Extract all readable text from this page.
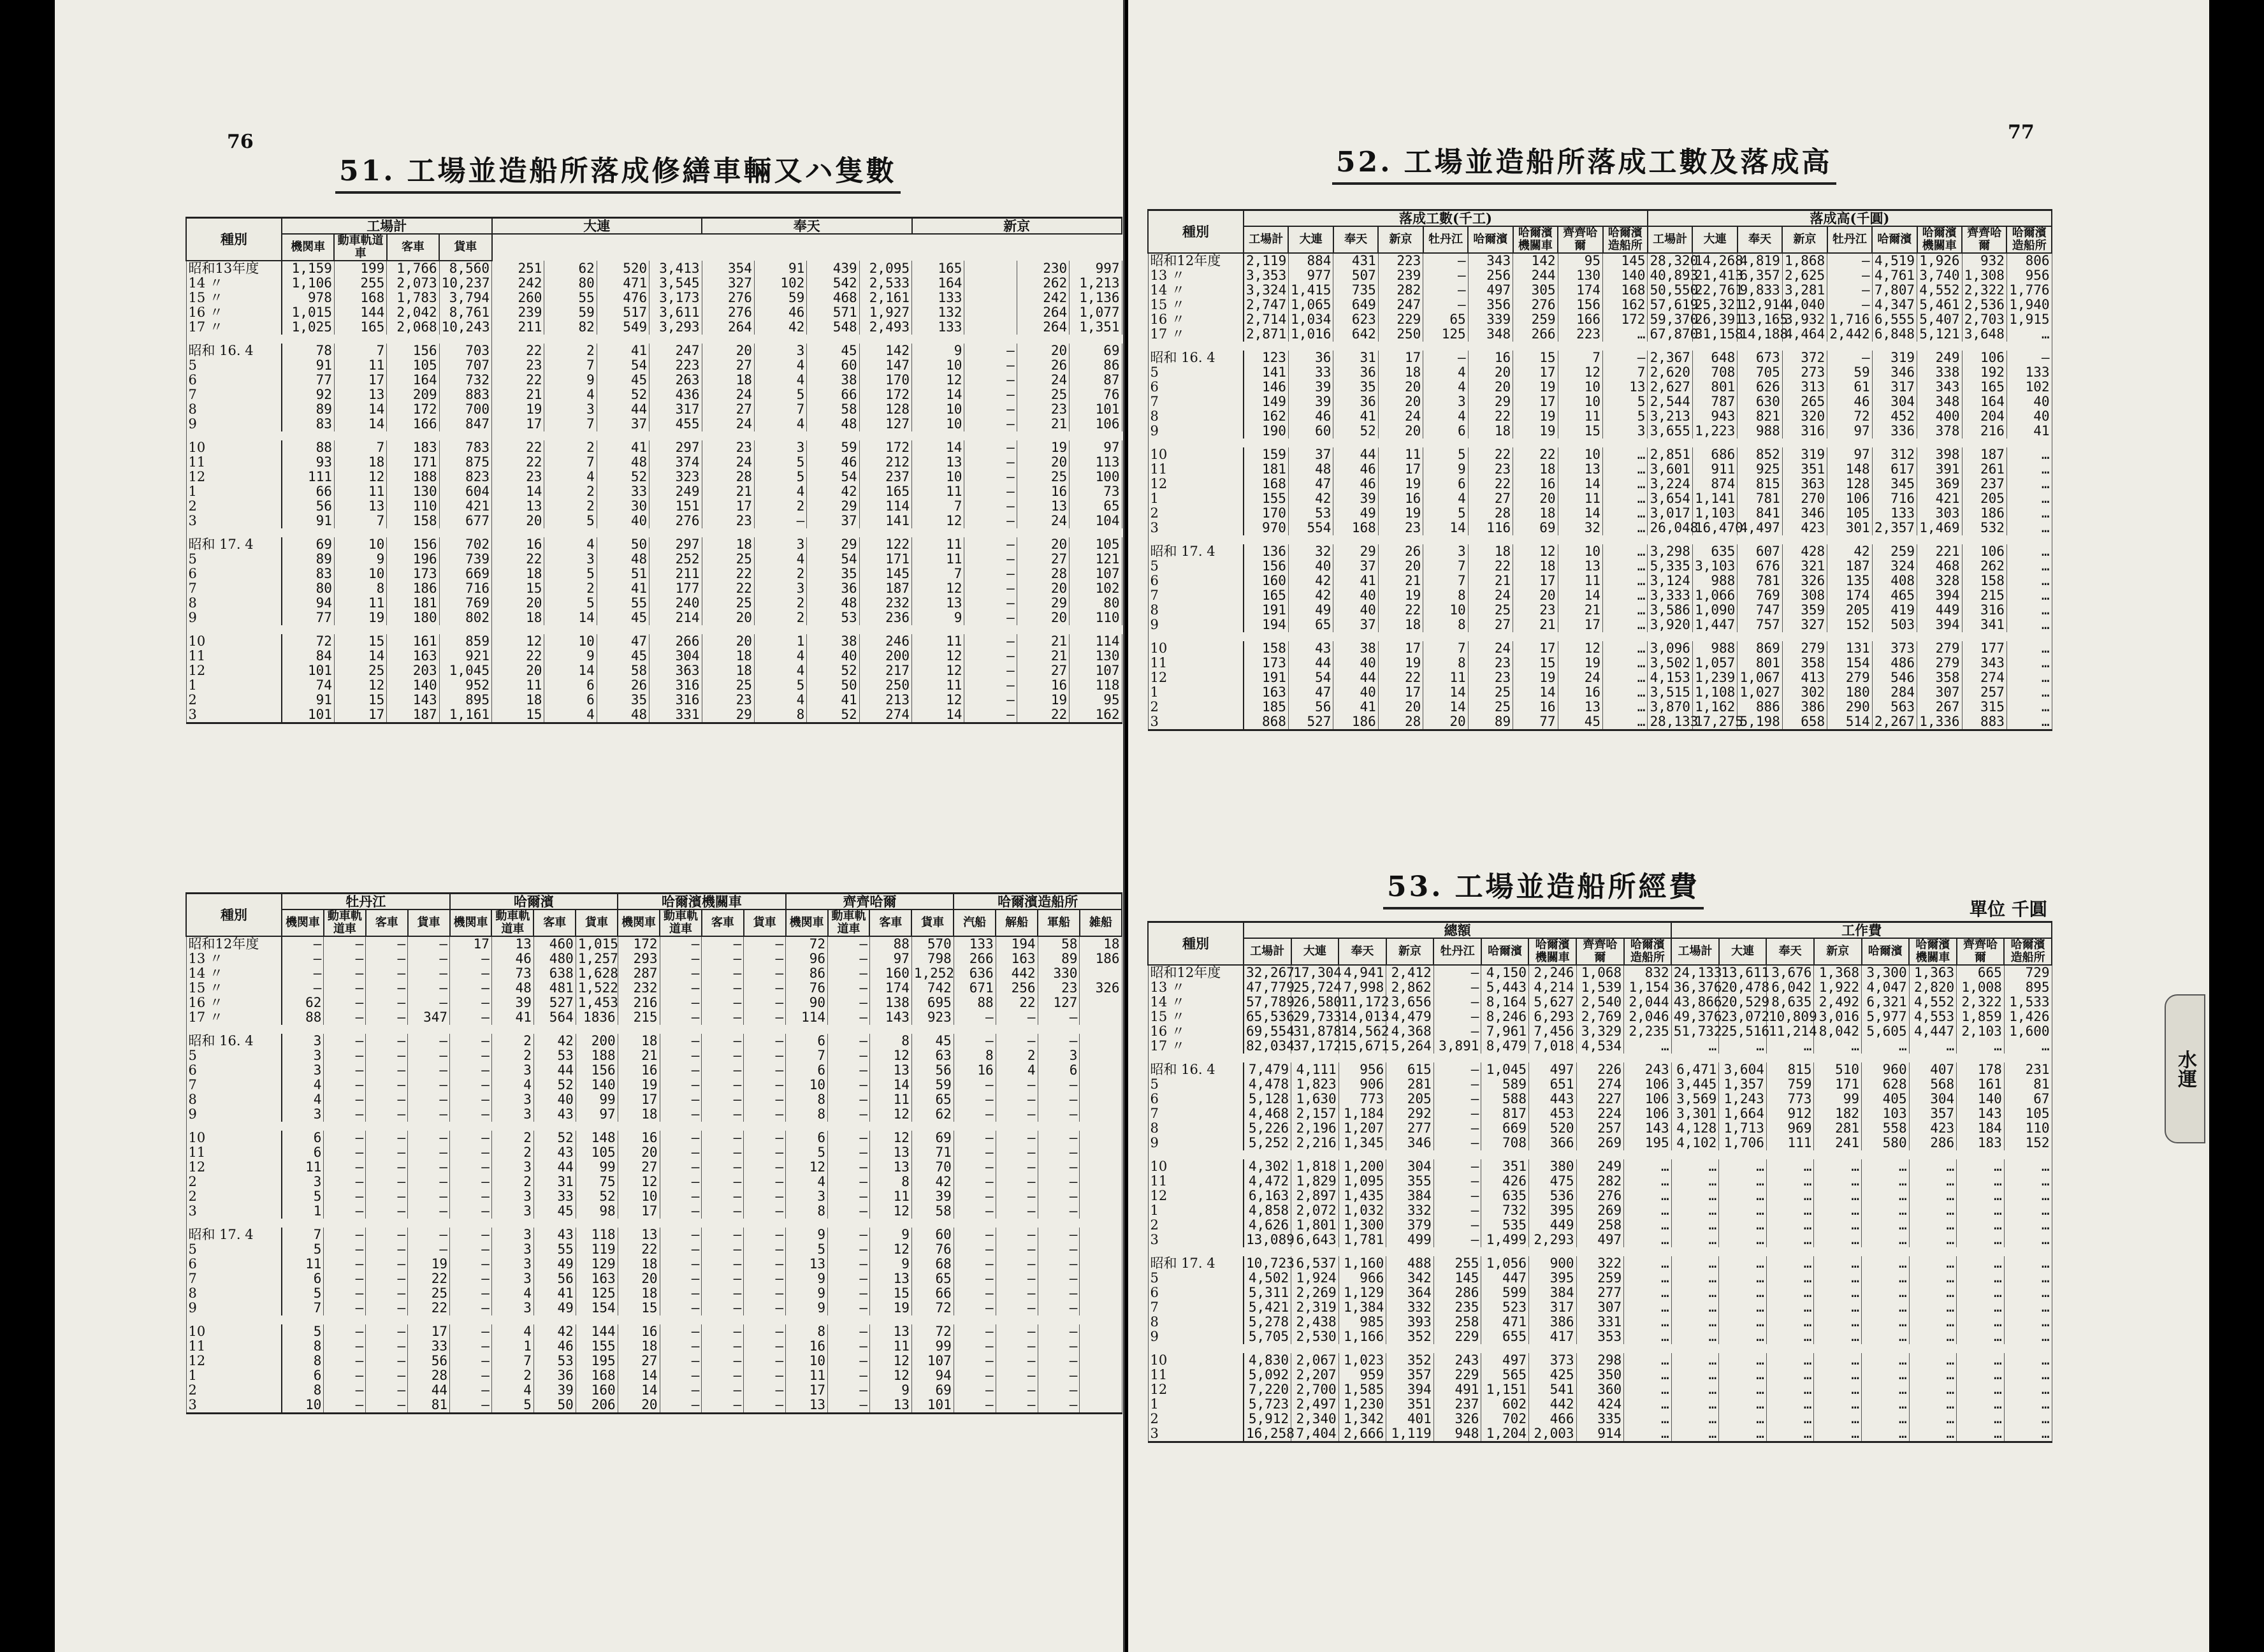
76
51. 工場並造船所落成修繕車輛又ハ隻數
種別	工場計				大連				奉天				新京			
	機関車	動車軌道車	客車	貨車												
昭和13年度	1,159	199	1,766	8,560	251	62	520	3,413	354	91	439	2,095	165		230	997
14 〃	1,106	255	2,073	10,237	242	80	471	3,545	327	102	542	2,533	164		262	1,213
15 〃	978	168	1,783	3,794	260	55	476	3,173	276	59	468	2,161	133		242	1,136
16 〃	1,015	144	2,042	8,761	239	59	517	3,611	276	46	571	1,927	132		264	1,077
17 〃	1,025	165	2,068	10,243	211	82	549	3,293	264	42	548	2,493	133		264	1,351

昭和 16. 4	78	7	156	703	22	2	41	247	20	3	45	142	9	—	20	69
5	91	11	105	707	23	7	54	223	27	4	60	147	10	—	26	86
6	77	17	164	732	22	9	45	263	18	4	38	170	12	—	24	87
7	92	13	209	883	21	4	52	436	24	5	66	172	14	—	25	76
8	89	14	172	700	19	3	44	317	27	7	58	128	10	—	23	101
9	83	14	166	847	17	7	37	455	24	4	48	127	10	—	21	106

10	88	7	183	783	22	2	41	297	23	3	59	172	14	—	19	97
11	93	18	171	875	22	7	48	374	24	5	46	212	13	—	20	113
12	111	12	188	823	23	4	52	323	28	5	54	237	10	—	25	100
1	66	11	130	604	14	2	33	249	21	4	42	165	11	—	16	73
2	56	13	110	421	13	2	30	151	17	2	29	114	7	—	13	65
3	91	7	158	677	20	5	40	276	23	—	37	141	12	—	24	104

昭和 17. 4	69	10	156	702	16	4	50	297	18	3	29	122	11	—	20	105
5	89	9	196	739	22	3	48	252	25	4	54	171	11	—	27	121
6	83	10	173	669	18	5	51	211	22	2	35	145	7	—	28	107
7	80	8	186	716	15	2	41	177	22	3	36	187	12	—	20	102
8	94	11	181	769	20	5	55	240	25	2	48	232	13	—	29	80
9	77	19	180	802	18	14	45	214	20	2	53	236	9	—	20	110

10	72	15	161	859	12	10	47	266	20	1	38	246	11	—	21	114
11	84	14	163	921	22	9	45	304	18	4	40	200	12	—	21	130
12	101	25	203	1,045	20	14	58	363	18	4	52	217	12	—	27	107
1	74	12	140	952	11	6	26	316	25	5	50	250	11	—	16	118
2	91	15	143	895	18	6	35	316	23	4	41	213	12	—	19	95
3	101	17	187	1,161	15	4	48	331	29	8	52	274	14	—	22	162
種別	牡丹江				哈爾濱				哈爾濱機關車				齊齊哈爾				哈爾濱造船所			
	機関車	動車軌道車	客車	貨車	機関車	動車軌道車	客車	貨車	機関車	動車軌道車	客車	貨車	機関車	動車軌道車	客車	貨車	汽船	解船	軍船	雑船
昭和12年度	—	—	—	—	17	13	460	1,015	172	—	—	—	72	—	88	570	133	194	58	18
13 〃	—	—	—	—	—	46	480	1,257	293	—	—	—	96	—	97	798	266	163	89	186
14 〃	—	—	—	—	—	73	638	1,628	287	—	—	—	86	—	160	1,252	636	442	330	
15 〃	—	—	—	—	—	48	481	1,522	232	—	—	—	76	—	174	742	671	256	23	326
16 〃	62	—	—	—	—	39	527	1,453	216	—	—	—	90	—	138	695	88	22	127	
17 〃	88	—	—	347	—	41	564	1836	215	—	—	—	114	—	143	923	—	—	—	

昭和 16. 4	3	—	—	—	—	2	42	200	18	—	—	—	6	—	8	45	—	—	—	
5	3	—	—	—	—	2	53	188	21	—	—	—	7	—	12	63	8	2	3	
6	3	—	—	—	—	3	44	156	16	—	—	—	6	—	13	56	16	4	6	
7	4	—	—	—	—	4	52	140	19	—	—	—	10	—	14	59	—	—	—	
8	4	—	—	—	—	3	40	99	17	—	—	—	8	—	11	65	—	—	—	
9	3	—	—	—	—	3	43	97	18	—	—	—	8	—	12	62	—	—	—	

10	6	—	—	—	—	2	52	148	16	—	—	—	6	—	12	69	—	—	—	
11	6	—	—	—	—	2	43	105	20	—	—	—	5	—	13	71	—	—	—	
12	11	—	—	—	—	3	44	99	27	—	—	—	12	—	13	70	—	—	—	
2	3	—	—	—	—	2	31	75	12	—	—	—	4	—	8	42	—	—	—	
2	5	—	—	—	—	3	33	52	10	—	—	—	3	—	11	39	—	—	—	
3	1	—	—	—	—	3	45	98	17	—	—	—	8	—	12	58	—	—	—	

昭和 17. 4	7	—	—	—	—	3	43	118	13	—	—	—	9	—	9	60	—	—	—	
5	5	—	—	—	—	3	55	119	22	—	—	—	5	—	12	76	—	—	—	
6	11	—	—	19	—	3	49	129	18	—	—	—	13	—	9	68	—	—	—	
7	6	—	—	22	—	3	56	163	20	—	—	—	9	—	13	65	—	—	—	
8	5	—	—	25	—	4	41	125	18	—	—	—	9	—	15	66	—	—	—	
9	7	—	—	22	—	3	49	154	15	—	—	—	9	—	19	72	—	—	—	

10	5	—	—	17	—	4	42	144	16	—	—	—	8	—	13	72	—	—	—	
11	8	—	—	33	—	1	46	155	18	—	—	—	16	—	11	99	—	—	—	
12	8	—	—	56	—	7	53	195	27	—	—	—	10	—	12	107	—	—	—	
1	6	—	—	28	—	2	36	168	14	—	—	—	11	—	12	94	—	—	—	
2	8	—	—	44	—	4	39	160	14	—	—	—	17	—	9	69	—	—	—	
3	10	—	—	81	—	5	50	206	20	—	—	—	13	—	13	101	—	—	—	
77
52. 工場並造船所落成工數及落成高
種別	落成工數(千工)									落成高(千圓)								
	工場計	大連	奉天	新京	牡丹江	哈爾濱	哈爾濱機關車	齊齊哈爾	哈爾濱造船所	工場計	大連	奉天	新京	牡丹江	哈爾濱	哈爾濱機關車	齊齊哈爾	哈爾濱造船所
昭和12年度	2,119	884	431	223	—	343	142	95	145	28,320	14,268	4,819	1,868	—	4,519	1,926	932	806
13 〃	3,353	977	507	239	—	256	244	130	140	40,893	21,413	6,357	2,625	—	4,761	3,740	1,308	956
14 〃	3,324	1,415	735	282	—	497	305	174	168	50,550	22,761	9,833	3,281	—	7,807	4,552	2,322	1,776
15 〃	2,747	1,065	649	247	—	356	276	156	162	57,619	25,321	12,914	4,040	—	4,347	5,461	2,536	1,940
16 〃	2,714	1,034	623	229	65	339	259	166	172	59,370	26,391	13,165	3,932	1,716	6,555	5,407	2,703	1,915
17 〃	2,871	1,016	642	250	125	348	266	223	…	67,870	31,158	14,188	4,464	2,442	6,848	5,121	3,648	…

昭和 16. 4	123	36	31	17	—	16	15	7	—	2,367	648	673	372	—	319	249	106	—
5	141	33	36	18	4	20	17	12	7	2,620	708	705	273	59	346	338	192	133
6	146	39	35	20	4	20	19	10	13	2,627	801	626	313	61	317	343	165	102
7	149	39	36	20	3	29	17	10	5	2,544	787	630	265	46	304	348	164	40
8	162	46	41	24	4	22	19	11	5	3,213	943	821	320	72	452	400	204	40
9	190	60	52	20	6	18	19	15	3	3,655	1,223	988	316	97	336	378	216	41

10	159	37	44	11	5	22	22	10	…	2,851	686	852	319	97	312	398	187	…
11	181	48	46	17	9	23	18	13	…	3,601	911	925	351	148	617	391	261	…
12	168	47	46	19	6	22	16	14	…	3,224	874	815	363	128	345	369	237	…
1	155	42	39	16	4	27	20	11	…	3,654	1,141	781	270	106	716	421	205	…
2	170	53	49	19	5	28	18	14	…	3,017	1,103	841	346	105	133	303	186	…
3	970	554	168	23	14	116	69	32	…	26,048	16,470	4,497	423	301	2,357	1,469	532	…

昭和 17. 4	136	32	29	26	3	18	12	10	…	3,298	635	607	428	42	259	221	106	…
5	156	40	37	20	7	22	18	13	…	5,335	3,103	676	321	187	324	468	262	…
6	160	42	41	21	7	21	17	11	…	3,124	988	781	326	135	408	328	158	…
7	165	42	40	19	8	24	20	14	…	3,333	1,066	769	308	174	465	394	215	…
8	191	49	40	22	10	25	23	21	…	3,586	1,090	747	359	205	419	449	316	…
9	194	65	37	18	8	27	21	17	…	3,920	1,447	757	327	152	503	394	341	…

10	158	43	38	17	7	24	17	12	…	3,096	988	869	279	131	373	279	177	…
11	173	44	40	19	8	23	15	19	…	3,502	1,057	801	358	154	486	279	343	…
12	191	54	44	22	11	23	19	24	…	4,153	1,239	1,067	413	279	546	358	274	…
1	163	47	40	17	14	25	14	16	…	3,515	1,108	1,027	302	180	284	307	257	…
2	185	56	41	20	14	25	16	13	…	3,870	1,162	886	386	290	563	267	315	…
3	868	527	186	28	20	89	77	45	…	28,133	17,275	5,198	658	514	2,267	1,336	883	…
53. 工場並造船所經費
單位 千圓
種別	總額									工作費							
	工場計	大連	奉天	新京	牡丹江	哈爾濱	哈爾濱機關車	齊齊哈爾	哈爾濱造船所	工場計	大連	奉天	新京	哈爾濱	哈爾濱機關車	齊齊哈爾	哈爾濱造船所
昭和12年度	32,267	17,304	4,941	2,412	—	4,150	2,246	1,068	832	24,133	13,611	3,676	1,368	3,300	1,363	665	729
13 〃	47,779	25,724	7,998	2,862	—	5,443	4,214	1,539	1,154	36,376	20,478	6,042	1,922	4,047	2,820	1,008	895
14 〃	57,789	26,580	11,172	3,656	—	8,164	5,627	2,540	2,044	43,866	20,529	8,635	2,492	6,321	4,552	2,322	1,533
15 〃	65,536	29,733	14,013	4,479	—	8,246	6,293	2,769	2,046	49,376	23,072	10,809	3,016	5,977	4,553	1,859	1,426
16 〃	69,554	31,878	14,562	4,368	—	7,961	7,456	3,329	2,235	51,732	25,516	11,214	8,042	5,605	4,447	2,103	1,600
17 〃	82,034	37,172	15,671	5,264	3,891	8,479	7,018	4,534	…	…	…	…	…	…	…	…	…

昭和 16. 4	7,479	4,111	956	615	—	1,045	497	226	243	6,471	3,604	815	510	960	407	178	231
5	4,478	1,823	906	281	—	589	651	274	106	3,445	1,357	759	171	628	568	161	81
6	5,128	1,630	773	205	—	588	443	227	106	3,569	1,243	773	99	405	304	140	67
7	4,468	2,157	1,184	292	—	817	453	224	106	3,301	1,664	912	182	103	357	143	105
8	5,226	2,196	1,207	277	—	669	520	257	143	4,128	1,713	969	281	558	423	184	110
9	5,252	2,216	1,345	346	—	708	366	269	195	4,102	1,706	111	241	580	286	183	152

10	4,302	1,818	1,200	304	—	351	380	249	…	…	…	…	…	…	…	…	…
11	4,472	1,829	1,095	355	—	426	475	282	…	…	…	…	…	…	…	…	…
12	6,163	2,897	1,435	384	—	635	536	276	…	…	…	…	…	…	…	…	…
1	4,858	2,072	1,032	332	—	732	395	269	…	…	…	…	…	…	…	…	…
2	4,626	1,801	1,300	379	—	535	449	258	…	…	…	…	…	…	…	…	…
3	13,089	6,643	1,781	499	—	1,499	2,293	497	…	…	…	…	…	…	…	…	…

昭和 17. 4	10,723	6,537	1,160	488	255	1,056	900	322	…	…	…	…	…	…	…	…	…
5	4,502	1,924	966	342	145	447	395	259	…	…	…	…	…	…	…	…	…
6	5,311	2,269	1,129	364	286	599	384	277	…	…	…	…	…	…	…	…	…
7	5,421	2,319	1,384	332	235	523	317	307	…	…	…	…	…	…	…	…	…
8	5,278	2,438	985	393	258	471	386	331	…	…	…	…	…	…	…	…	…
9	5,705	2,530	1,166	352	229	655	417	353	…	…	…	…	…	…	…	…	…

10	4,830	2,067	1,023	352	243	497	373	298	…	…	…	…	…	…	…	…	…
11	5,092	2,207	959	357	229	565	425	350	…	…	…	…	…	…	…	…	…
12	7,220	2,700	1,585	394	491	1,151	541	360	…	…	…	…	…	…	…	…	…
1	5,723	2,497	1,230	351	237	602	442	424	…	…	…	…	…	…	…	…	…
2	5,912	2,340	1,342	401	326	702	466	335	…	…	…	…	…	…	…	…	…
3	16,258	7,404	2,666	1,119	948	1,204	2,003	914	…	…	…	…	…	…	…	…	…
水運
